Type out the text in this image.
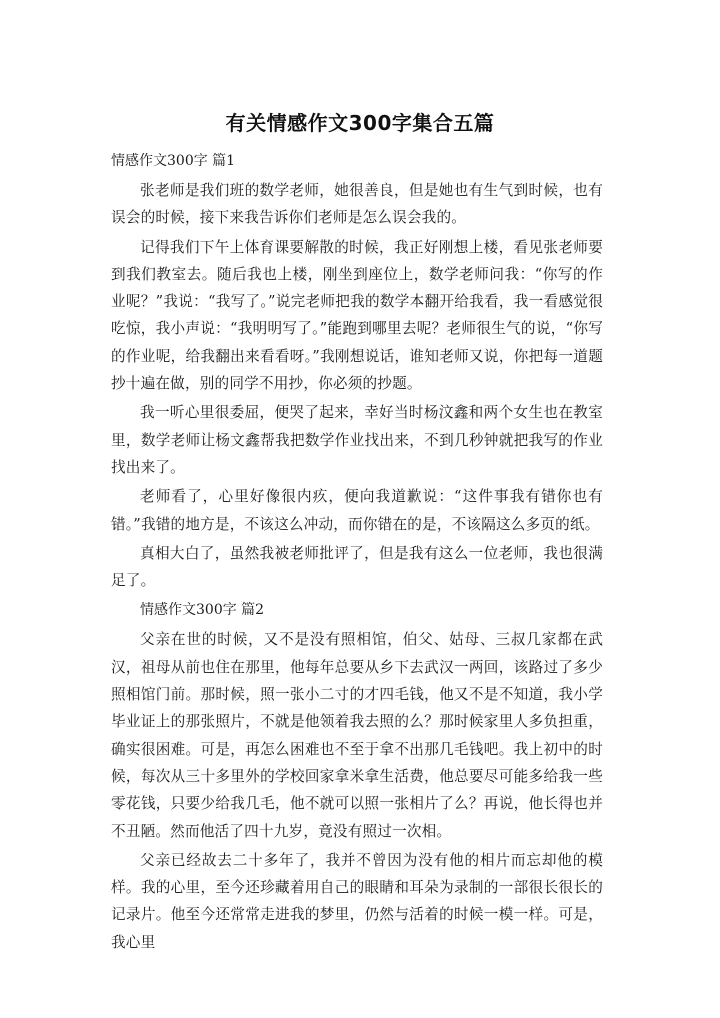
有关情感作文300字集合五篇

情感作文300字 篇1

张老师是我们班的数学老师，她很善良，但是她也有生气到时候，也有误会的时候，接下来我告诉你们老师是怎么误会我的。

记得我们下午上体育课要解散的时候，我正好刚想上楼，看见张老师要到我们教室去。随后我也上楼，刚坐到座位上，数学老师问我：“你写的作业呢？”我说：“我写了。”说完老师把我的数学本翻开给我看，我一看感觉很吃惊，我小声说：“我明明写了。”能跑到哪里去呢？老师很生气的说，“你写的作业呢，给我翻出来看看呀。”我刚想说话，谁知老师又说，你把每一道题抄十遍在做，别的同学不用抄，你必须的抄题。

我一听心里很委屈，便哭了起来，幸好当时杨汶鑫和两个女生也在教室里，数学老师让杨文鑫帮我把数学作业找出来，不到几秒钟就把我写的作业找出来了。

老师看了，心里好像很内疚，便向我道歉说：“这件事我有错你也有错。”我错的地方是，不该这么冲动，而你错在的是，不该隔这么多页的纸。

真相大白了，虽然我被老师批评了，但是我有这么一位老师，我也很满足了。

情感作文300字 篇2

父亲在世的时候，又不是没有照相馆，伯父、姑母、三叔几家都在武汉，祖母从前也住在那里，他每年总要从乡下去武汉一两回，该路过了多少照相馆门前。那时候，照一张小二寸的才四毛钱，他又不是不知道，我小学毕业证上的那张照片，不就是他领着我去照的么？那时候家里人多负担重，确实很困难。可是，再怎么困难也不至于拿不出那几毛钱吧。我上初中的时候，每次从三十多里外的学校回家拿米拿生活费，他总要尽可能多给我一些零花钱，只要少给我几毛，他不就可以照一张相片了么？再说，他长得也并不丑陋。然而他活了四十九岁，竟没有照过一次相。

父亲已经故去二十多年了，我并不曾因为没有他的相片而忘却他的模样。我的心里，至今还珍藏着用自己的眼睛和耳朵为录制的一部很长很长的记录片。他至今还常常走进我的梦里，仍然与活着的时候一模一样。可是，我心里
